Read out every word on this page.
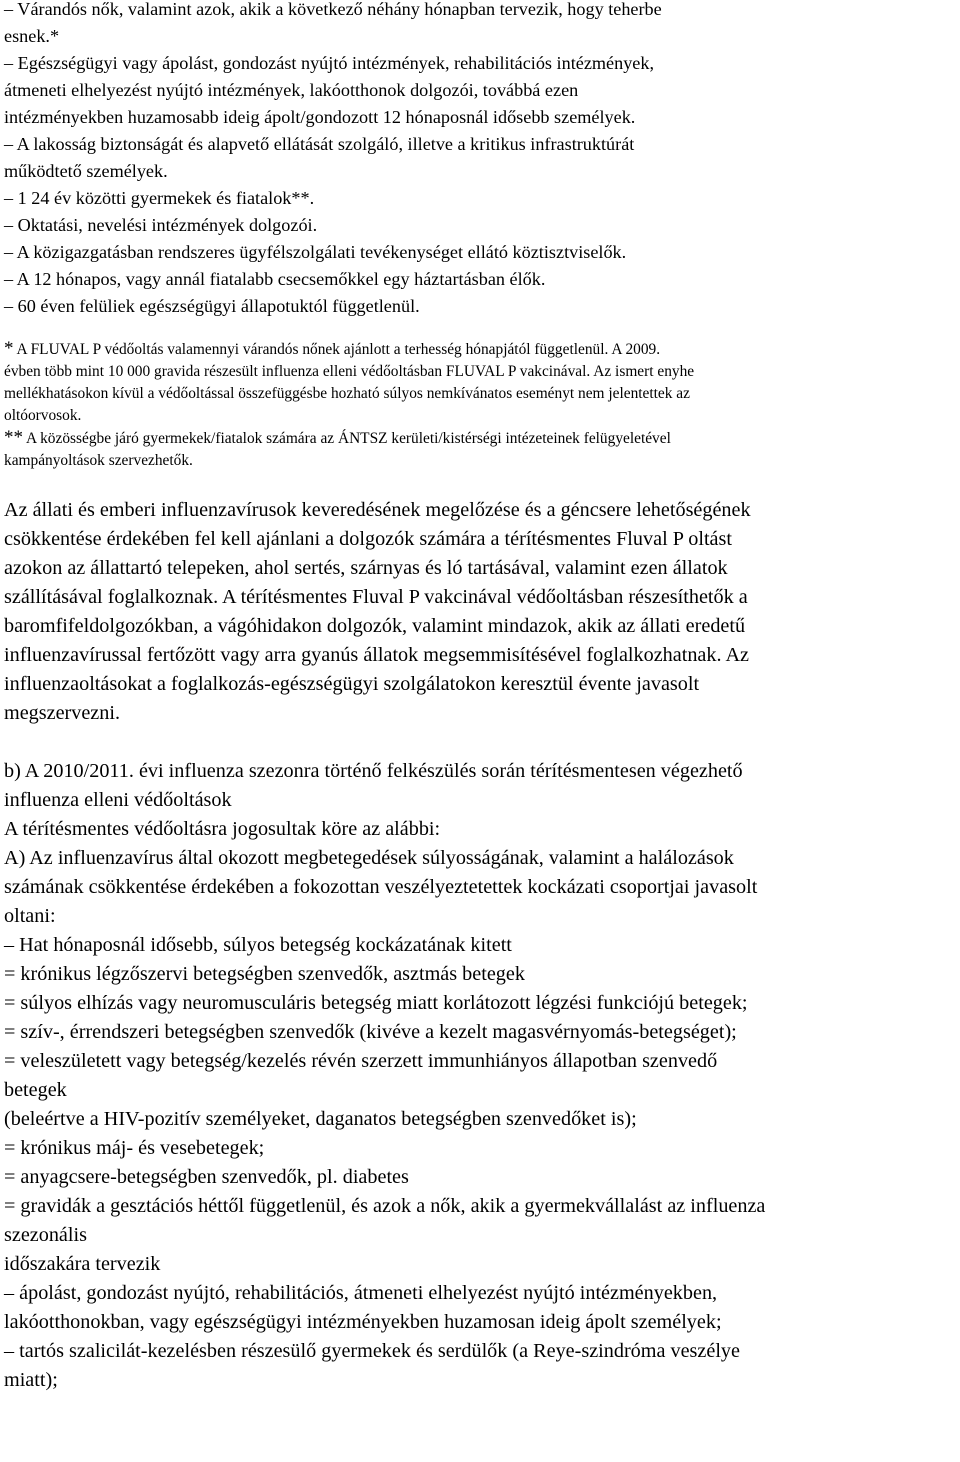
– Várandós nők, valamint azok, akik a következő néhány hónapban tervezik, hogy teherbe
esnek.*
– Egészségügyi vagy ápolást, gondozást nyújtó intézmények, rehabilitációs intézmények,
átmeneti elhelyezést nyújtó intézmények, lakóotthonok dolgozói, továbbá ezen
intézményekben huzamosabb ideig ápolt/gondozott 12 hónaposnál idősebb személyek.
– A lakosság biztonságát és alapvető ellátását szolgáló, illetve a kritikus infrastruktúrát
működtető személyek.
– 1 24 év közötti gyermekek és fiatalok**.
– Oktatási, nevelési intézmények dolgozói.
– A közigazgatásban rendszeres ügyfélszolgálati tevékenységet ellátó köztisztviselők.
– A 12 hónapos, vagy annál fiatalabb csecsemőkkel egy háztartásban élők.
– 60 éven felüliek egészségügyi állapotuktól függetlenül.
* A FLUVAL P védőoltás valamennyi várandós nőnek ajánlott a terhesség hónapjától függetlenül. A 2009.
évben több mint 10 000 gravida részesült influenza elleni védőoltásban FLUVAL P vakcinával. Az ismert enyhe
mellékhatásokon kívül a védőoltással összefüggésbe hozható súlyos nemkívánatos eseményt nem jelentettek az
oltóorvosok.
** A közösségbe járó gyermekek/fiatalok számára az ÁNTSZ kerületi/kistérségi intézeteinek felügyeletével
kampányoltások szervezhetők.
Az állati és emberi influenzavírusok keveredésének megelőzése és a géncsere lehetőségének
csökkentése érdekében fel kell ajánlani a dolgozók számára a térítésmentes Fluval P oltást
azokon az állattartó telepeken, ahol sertés, szárnyas és ló tartásával, valamint ezen állatok
szállításával foglalkoznak. A térítésmentes Fluval P vakcinával védőoltásban részesíthetők a
baromfifeldolgozókban, a vágóhidakon dolgozók, valamint mindazok, akik az állati eredetű
influenzavírussal fertőzött vagy arra gyanús állatok megsemmisítésével foglalkozhatnak. Az
influenzaoltásokat a foglalkozás-egészségügyi szolgálatokon keresztül évente javasolt
megszervezni.
b) A 2010/2011. évi influenza szezonra történő felkészülés során térítésmentesen végezhető
influenza elleni védőoltások
A térítésmentes védőoltásra jogosultak köre az alábbi:
A) Az influenzavírus által okozott megbetegedések súlyosságának, valamint a halálozások
számának csökkentése érdekében a fokozottan veszélyeztetettek kockázati csoportjai javasolt
oltani:
– Hat hónaposnál idősebb, súlyos betegség kockázatának kitett
= krónikus légzőszervi betegségben szenvedők, asztmás betegek
= súlyos elhízás vagy neuromusculáris betegség miatt korlátozott légzési funkciójú betegek;
= szív-, érrendszeri betegségben szenvedők (kivéve a kezelt magasvérnyomás-betegséget);
= veleszületett vagy betegség/kezelés révén szerzett immunhiányos állapotban szenvedő
betegek
(beleértve a HIV-pozitív személyeket, daganatos betegségben szenvedőket is);
= krónikus máj- és vesebetegek;
= anyagcsere-betegségben szenvedők, pl. diabetes
= gravidák a gesztációs héttől függetlenül, és azok a nők, akik a gyermekvállalást az influenza
szezonális
időszakára tervezik
– ápolást, gondozást nyújtó, rehabilitációs, átmeneti elhelyezést nyújtó intézményekben,
lakóotthonokban, vagy egészségügyi intézményekben huzamosan ideig ápolt személyek;
– tartós szalicilát-kezelésben részesülő gyermekek és serdülők (a Reye-szindróma veszélye
miatt);
